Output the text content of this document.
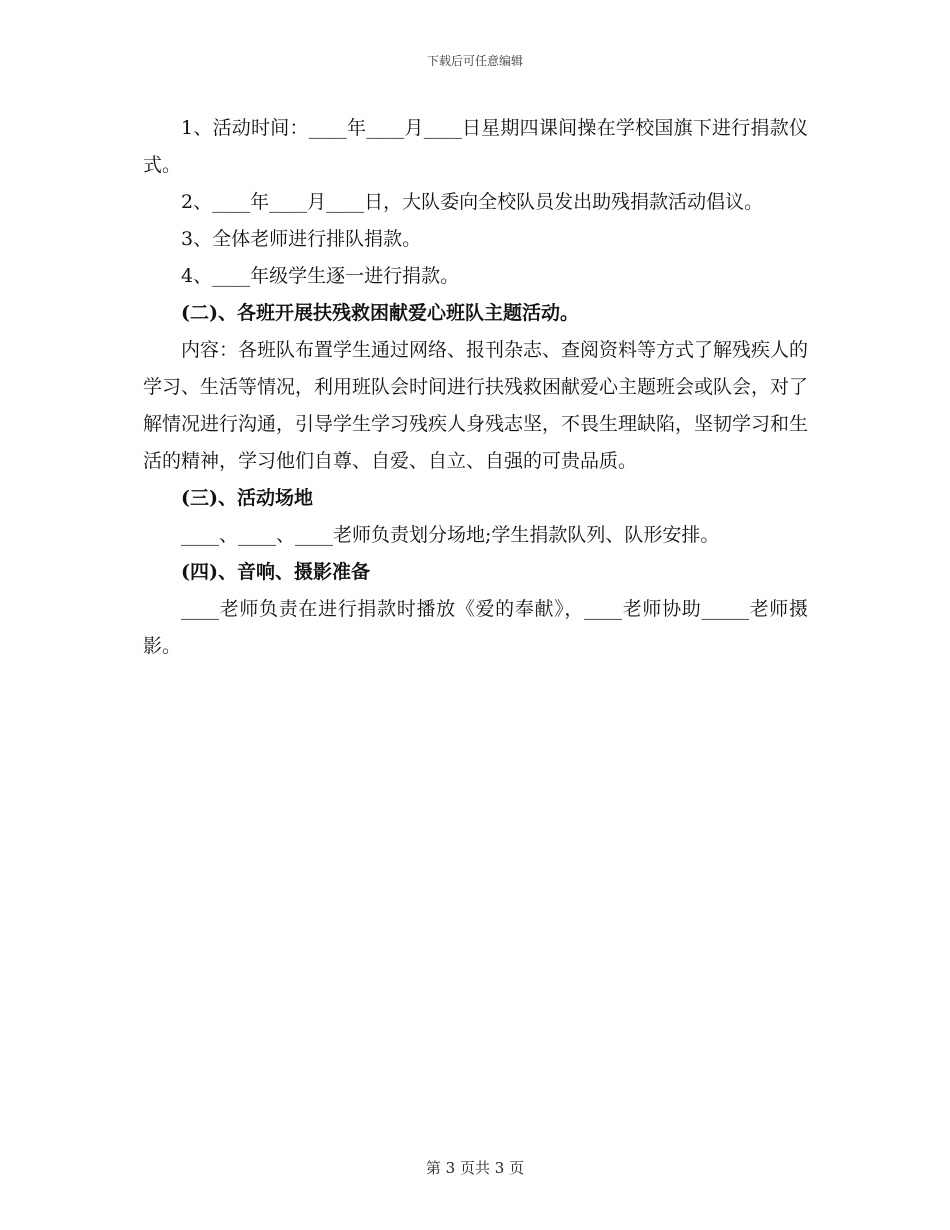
下载后可任意编辑

1、活动时间：____年____月____日星期四课间操在学校国旗下进行捐款仪式。

2、____年____月____日，大队委向全校队员发出助残捐款活动倡议。

3、全体老师进行排队捐款。

4、____年级学生逐一进行捐款。

(二)、各班开展扶残救困献爱心班队主题活动。

内容：各班队布置学生通过网络、报刊杂志、查阅资料等方式了解残疾人的学习、生活等情况，利用班队会时间进行扶残救困献爱心主题班会或队会，对了解情况进行沟通，引导学生学习残疾人身残志坚，不畏生理缺陷，坚韧学习和生活的精神，学习他们自尊、自爱、自立、自强的可贵品质。

(三)、活动场地

____、____、____老师负责划分场地;学生捐款队列、队形安排。

(四)、音响、摄影准备

____老师负责在进行捐款时播放《爱的奉献》，____老师协助_____老师摄影。

第 3 页共 3 页
